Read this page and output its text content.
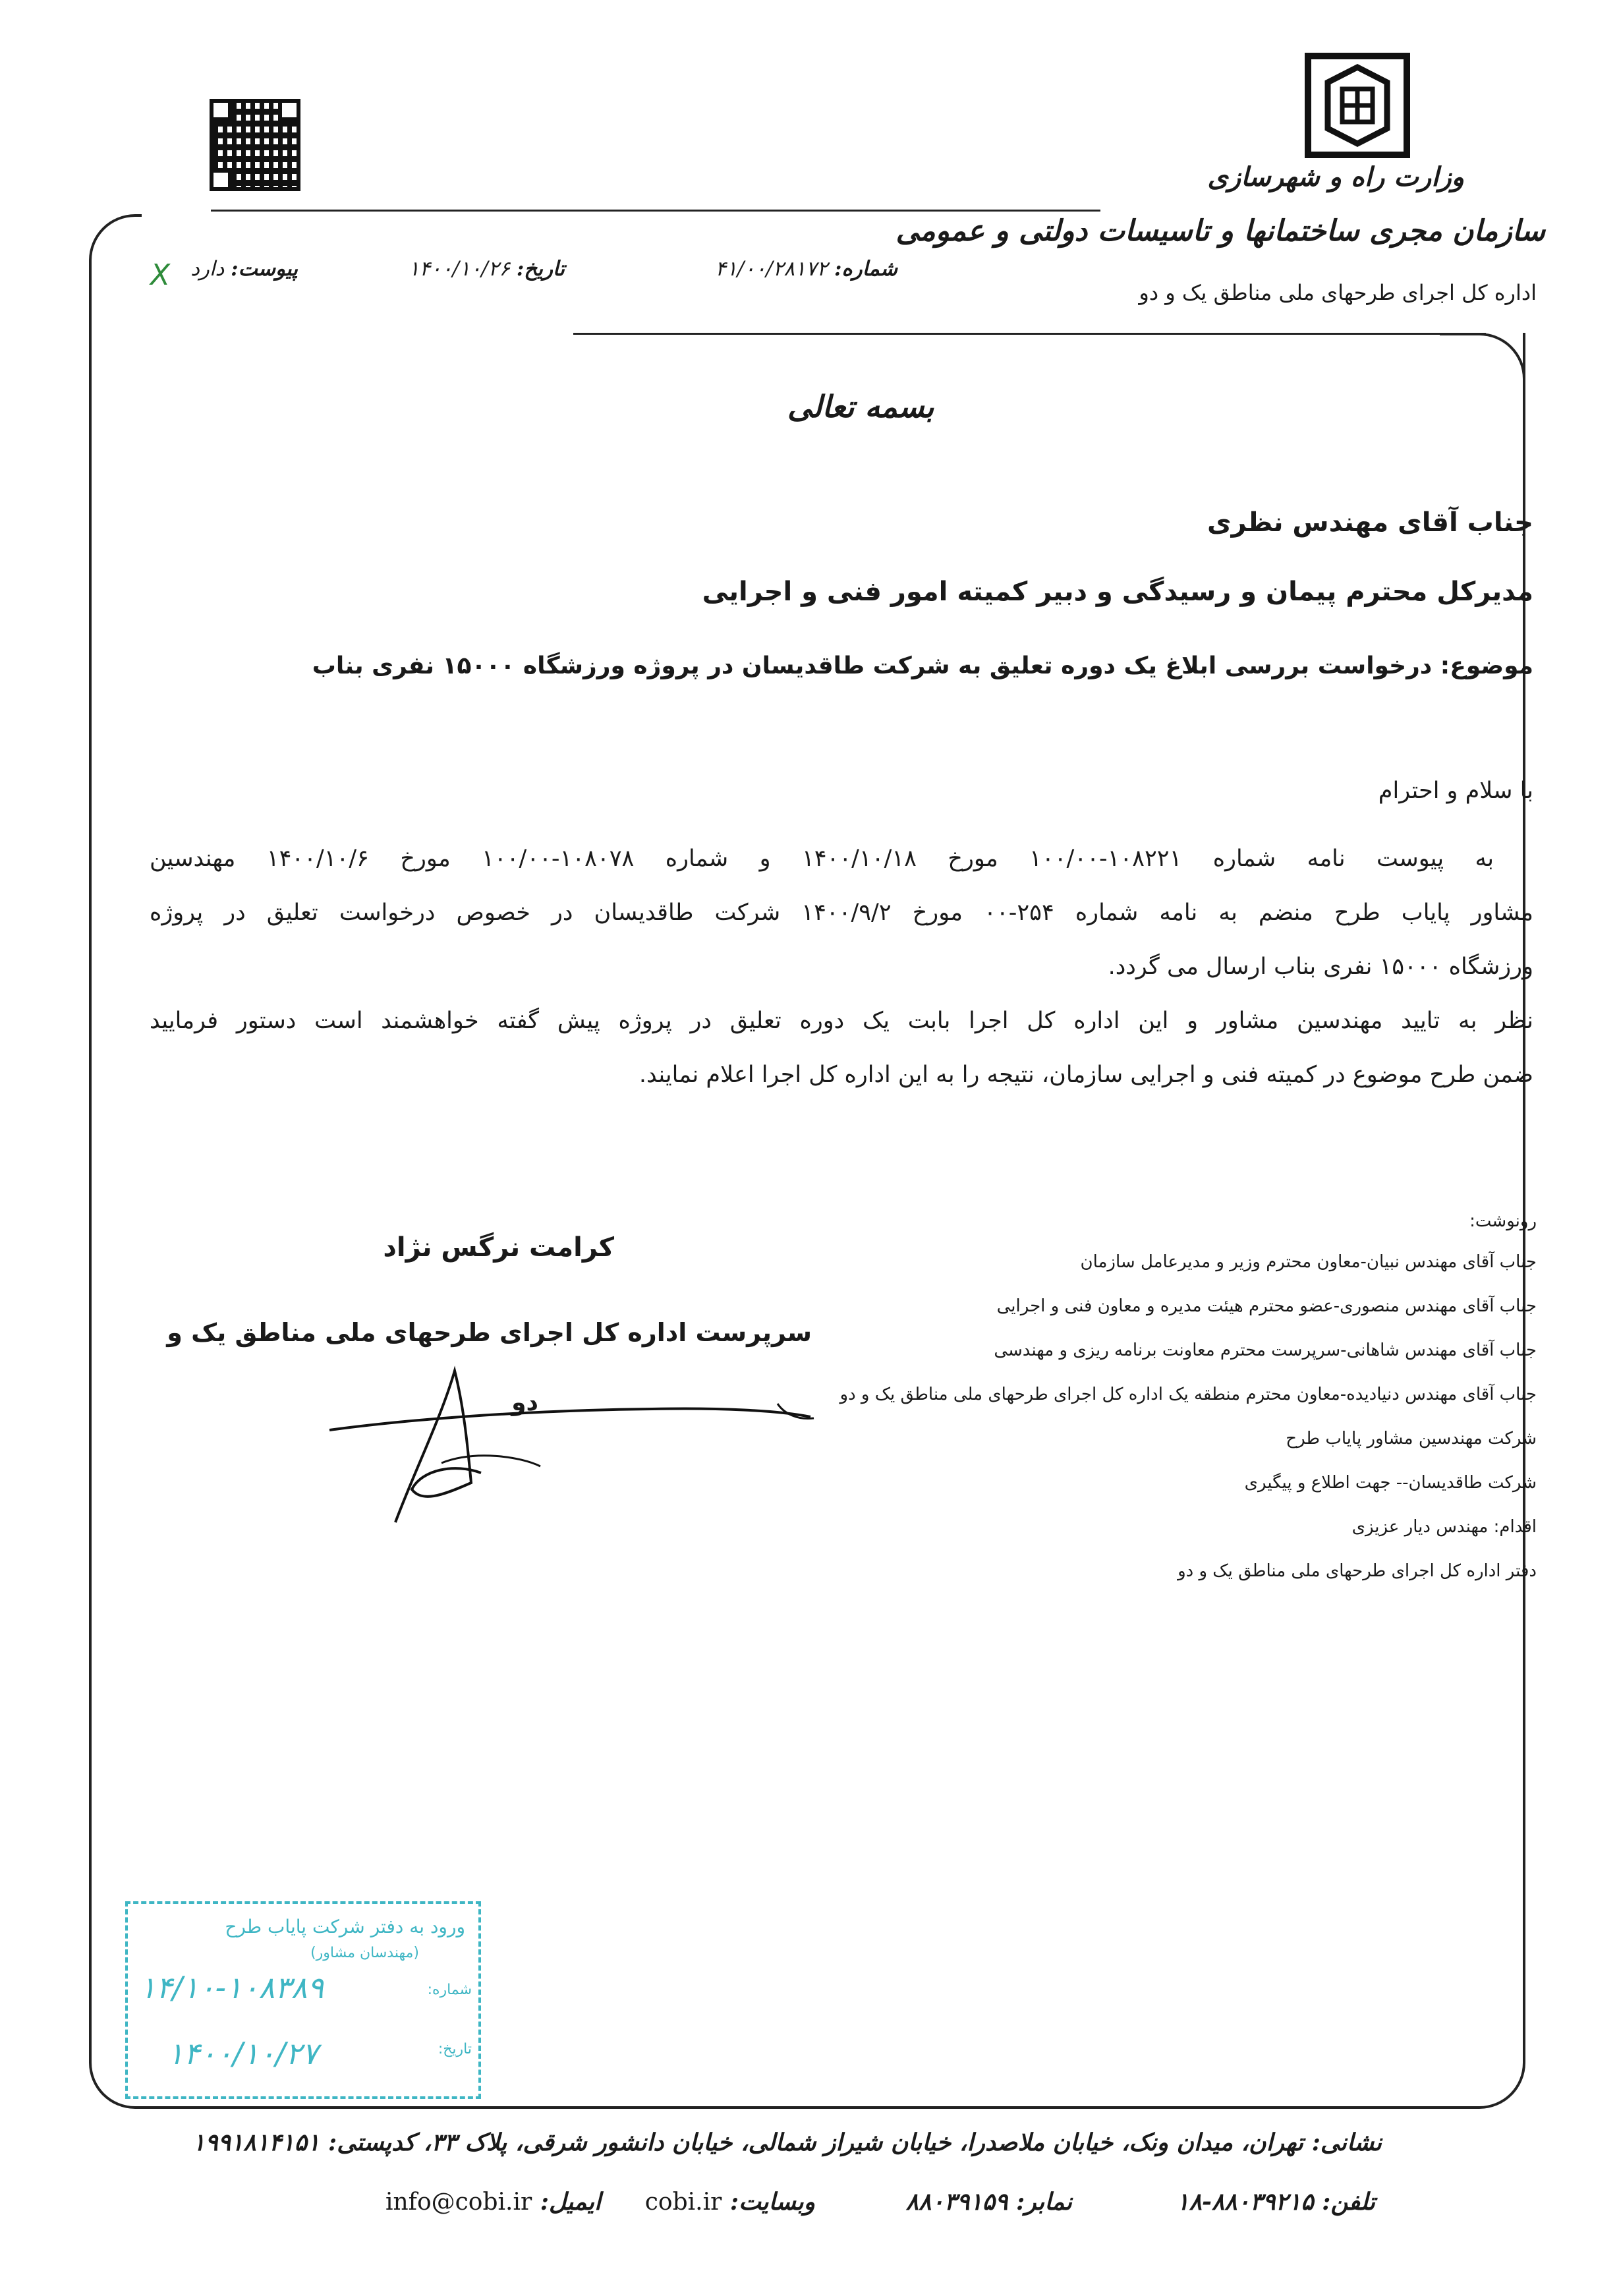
وزارت راه و شهرسازی
سازمان مجری ساختمانها و تاسیسات دولتی و عمومی
اداره کل اجرای طرحهای ملی مناطق یک و دو
شماره: ۴۱/۰۰/۲۸۱۷۲
تاریخ: ۱۴۰۰/۱۰/۲۶
پیوست: دارد
X
بسمه تعالی
جناب آقای مهندس نظری
مدیرکل محترم پیمان و رسیدگی و دبیر کمیته امور فنی و اجرایی
موضوع: درخواست بررسی ابلاغ یک دوره تعلیق به شرکت طاقدیسان در پروژه ورزشگاه ۱۵۰۰۰ نفری بناب
با سلام و احترام
به پیوست نامه شماره ۱۰۸۲۲۱-۱۰۰/۰۰ مورخ ۱۴۰۰/۱۰/۱۸ و شماره ۱۰۸۰۷۸-۱۰۰/۰۰ مورخ ۱۴۰۰/۱۰/۶ مهندسین
مشاور پایاب طرح منضم به نامه شماره ۲۵۴-۰۰ مورخ ۱۴۰۰/۹/۲ شرکت طاقدیسان در خصوص درخواست تعلیق در پروژه
ورزشگاه ۱۵۰۰۰ نفری بناب ارسال می گردد.
نظر به تایید مهندسین مشاور و این اداره کل اجرا بابت یک دوره تعلیق در پروژه پیش گفته خواهشمند است دستور فرمایید
ضمن طرح موضوع در کمیته فنی و اجرایی سازمان، نتیجه را به این اداره کل اجرا اعلام نمایند.
کرامت نرگس نژاد
سرپرست اداره کل اجرای طرحهای ملی مناطق یک و
دو
رونوشت:
جناب آقای مهندس نبیان-معاون محترم وزیر و مدیرعامل سازمان
جناب آقای مهندس منصوری-عضو محترم هیئت مدیره و معاون فنی و اجرایی
جناب آقای مهندس شاهانی-سرپرست محترم معاونت برنامه ریزی و مهندسی
جناب آقای مهندس دنیادیده-معاون محترم منطقه یک اداره کل اجرای طرحهای ملی مناطق یک و دو
شرکت مهندسین مشاور پایاب طرح
شرکت طاقدیسان-- جهت اطلاع و پیگیری
اقدام: مهندس دیار عزیزی
دفتر اداره کل اجرای طرحهای ملی مناطق یک و دو
ورود به دفتر شرکت پایاب طرح
(مهندسان مشاور)
شماره:
۱۴/۱۰-۱۰۸۳۸۹
تاریخ:
۱۴۰۰/۱۰/۲۷
نشانی: تهران، میدان ونک، خیابان ملاصدرا، خیابان شیراز شمالی، خیابان دانشور شرقی، پلاک ۳۳، کدپستی: ۱۹۹۱۸۱۴۱۵۱
تلفن: ۸۸۰۳۹۲۱۵-۱۸
نمابر: ۸۸۰۳۹۱۵۹
وبسایت: cobi.ir
ایمیل: info@cobi.ir
